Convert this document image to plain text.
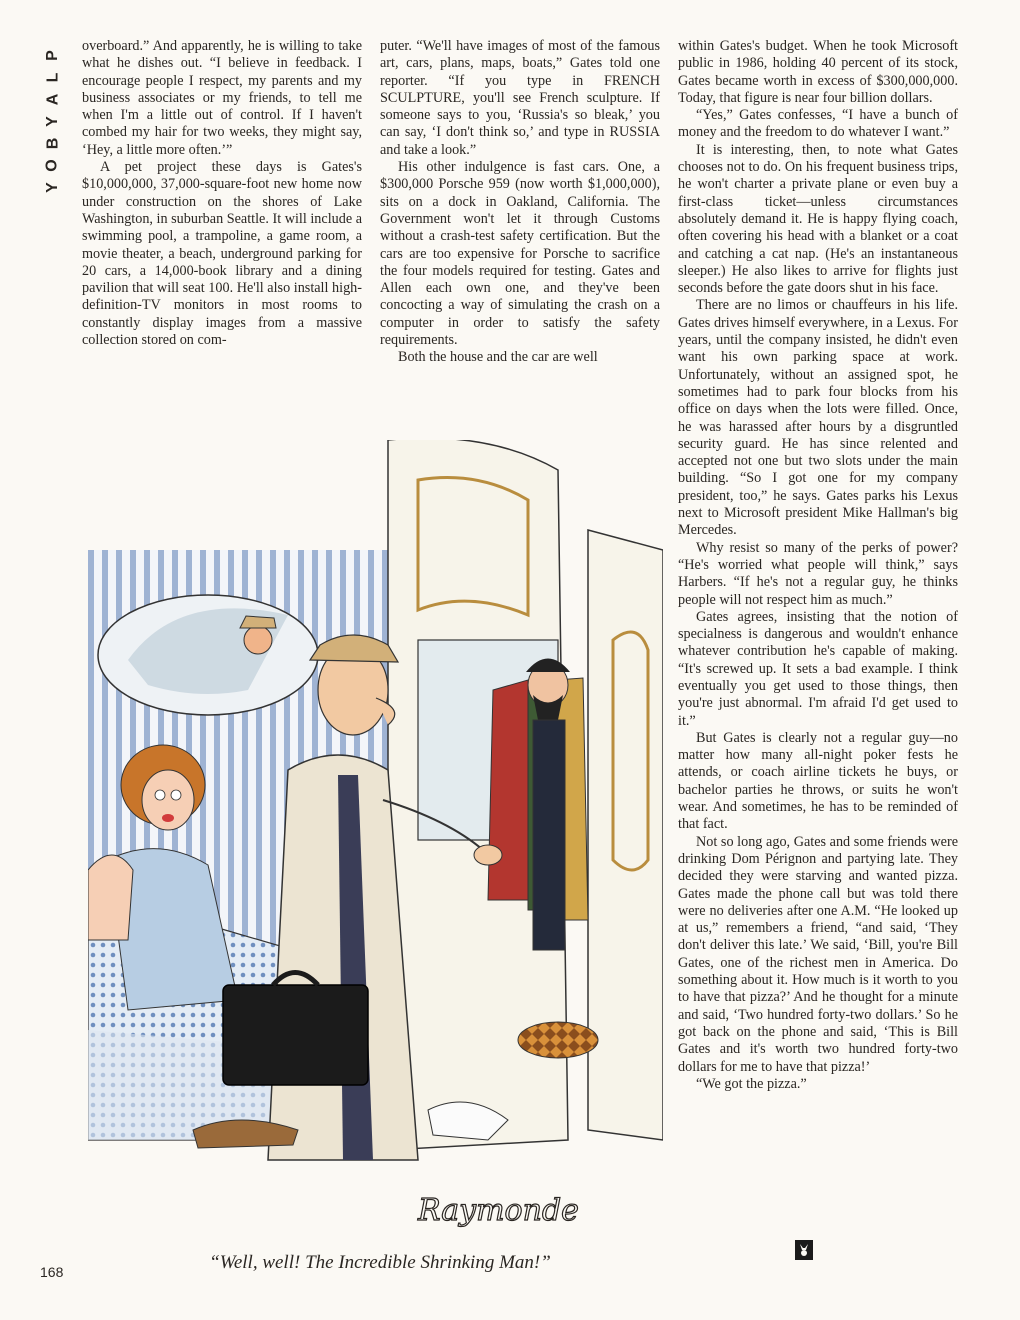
P
L
A
Y
B
O
Y

overboard.” And apparently, he is willing to take what he dishes out. “I believe in feedback. I encourage people I respect, my parents and my business associates or my friends, to tell me when I'm a little out of control. If I haven't combed my hair for two weeks, they might say, ‘Hey, a little more often.’”

A pet project these days is Gates's $10,000,000, 37,000-square-foot new home now under construction on the shores of Lake Washington, in suburban Seattle. It will include a swimming pool, a trampoline, a game room, a movie theater, a beach, underground parking for 20 cars, a 14,000-book library and a dining pavilion that will seat 100. He'll also install high-definition-TV monitors in most rooms to constantly display images from a massive collection stored on com-

puter. “We'll have images of most of the famous art, cars, plans, maps, boats,” Gates told one reporter. “If you type in FRENCH SCULPTURE, you'll see French sculpture. If someone says to you, ‘Russia's so bleak,’ you can say, ‘I don't think so,’ and type in RUSSIA and take a look.”

His other indulgence is fast cars. One, a $300,000 Porsche 959 (now worth $1,000,000), sits on a dock in Oakland, California. The Government won't let it through Customs without a crash-test safety certification. But the cars are too expensive for Porsche to sacrifice the four models required for testing. Gates and Allen each own one, and they've been concocting a way of simulating the crash on a computer in order to satisfy the safety requirements.

Both the house and the car are well

within Gates's budget. When he took Microsoft public in 1986, holding 40 percent of its stock, Gates became worth in excess of $300,000,000. Today, that figure is near four billion dollars.

“Yes,” Gates confesses, “I have a bunch of money and the freedom to do whatever I want.”

It is interesting, then, to note what Gates chooses not to do. On his frequent business trips, he won't charter a private plane or even buy a first-class ticket—unless circumstances absolutely demand it. He is happy flying coach, often covering his head with a blanket or a coat and catching a cat nap. (He's an instantaneous sleeper.) He also likes to arrive for flights just seconds before the gate doors shut in his face.

There are no limos or chauffeurs in his life. Gates drives himself everywhere, in a Lexus. For years, until the company insisted, he didn't even want his own parking space at work. Unfortunately, without an assigned spot, he sometimes had to park four blocks from his office on days when the lots were filled. Once, he was harassed after hours by a disgruntled security guard. He has since relented and accepted not one but two slots under the main building. “So I got one for my company president, too,” he says. Gates parks his Lexus next to Microsoft president Mike Hallman's big Mercedes.

Why resist so many of the perks of power? “He's worried what people will think,” says Harbers. “If he's not a regular guy, he thinks people will not respect him as much.”

Gates agrees, insisting that the notion of specialness is dangerous and wouldn't enhance whatever contribution he's capable of making. “It's screwed up. It sets a bad example. I think eventually you get used to those things, then you're just abnormal. I'm afraid I'd get used to it.”

But Gates is clearly not a regular guy—no matter how many all-night poker fests he attends, or coach airline tickets he buys, or bachelor parties he throws, or suits he won't wear. And sometimes, he has to be reminded of that fact.

Not so long ago, Gates and some friends were drinking Dom Pérignon and partying late. They decided they were starving and wanted pizza. Gates made the phone call but was told there were no deliveries after one A.M. “He looked up at us,” remembers a friend, “and said, ‘They don't deliver this late.’ We said, ‘Bill, you're Bill Gates, one of the richest men in America. Do something about it. How much is it worth to you to have that pizza?’ And he thought for a minute and said, ‘Two hundred forty-two dollars.’ So he got back on the phone and said, ‘This is Bill Gates and it's worth two hundred forty-two dollars for me to have that pizza!’

“We got the pizza.”

Raymonde
“Well, well! The Incredible Shrinking Man!”
168
